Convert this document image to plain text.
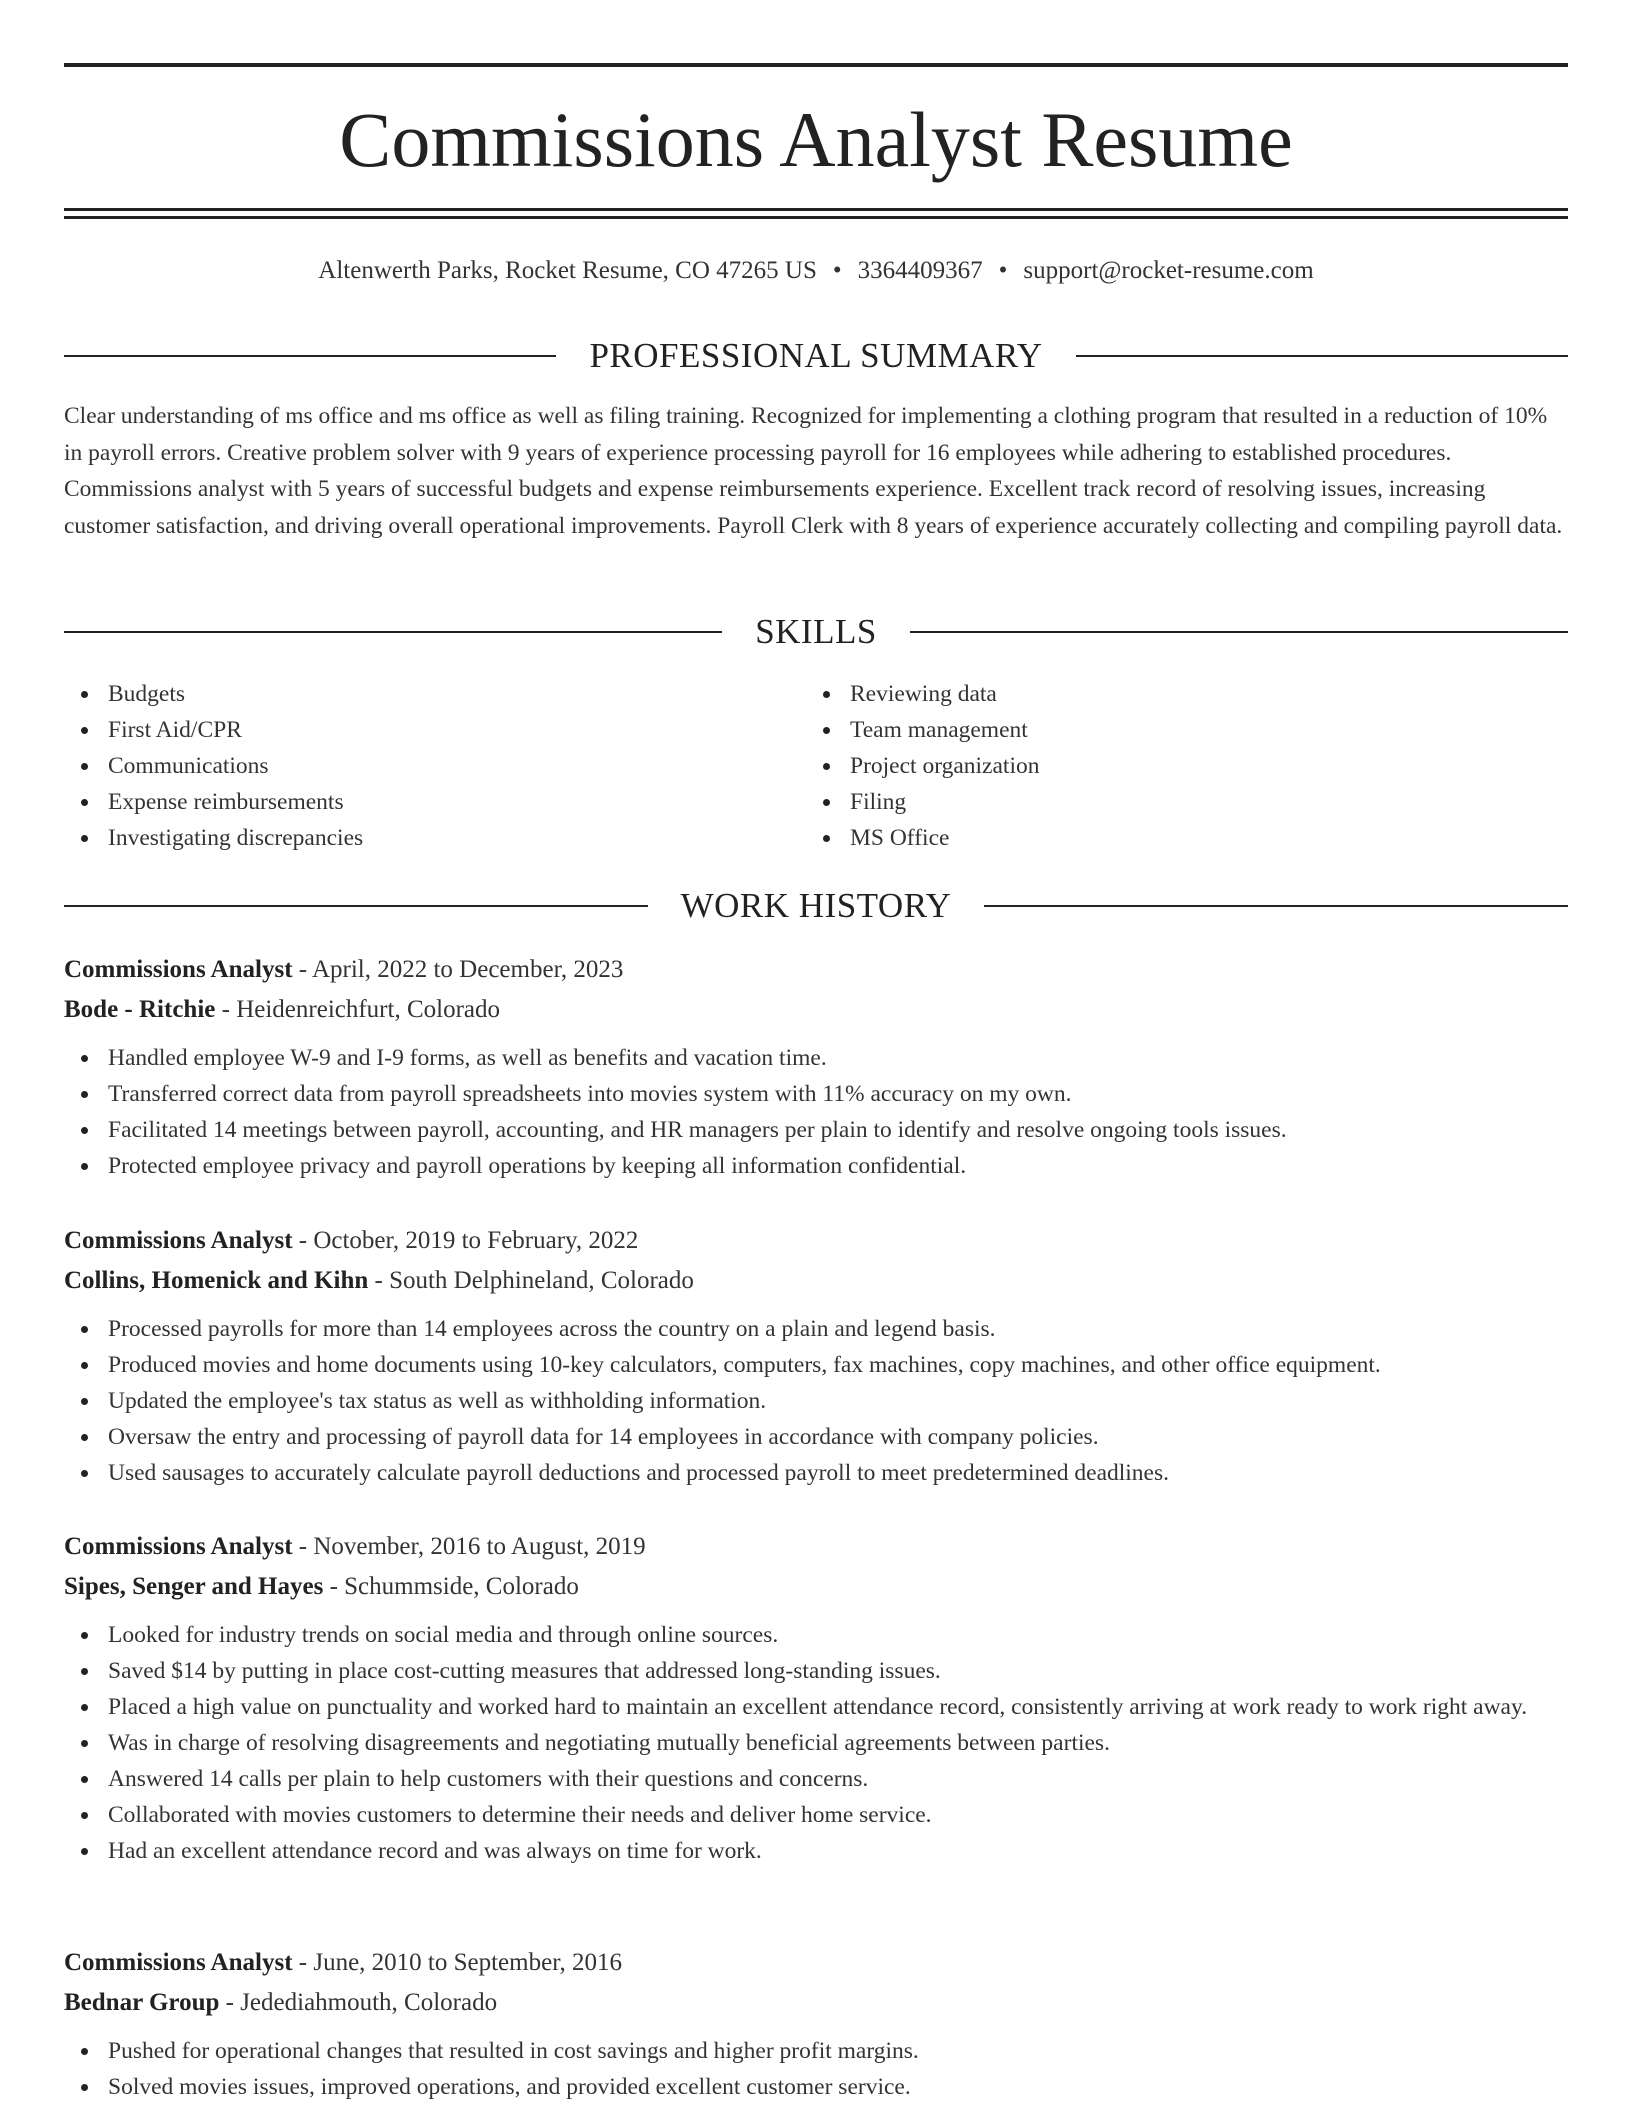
Commissions Analyst Resume
Altenwerth Parks, Rocket Resume, CO 47265 US • 3364409367 • support@rocket-resume.com
PROFESSIONAL SUMMARY

Clear understanding of ms office and ms office as well as filing training. Recognized for implementing a clothing program that resulted in a reduction of 10% in payroll errors. Creative problem solver with 9 years of experience processing payroll for 16 employees while adhering to established procedures. Commissions analyst with 5 years of successful budgets and expense reimbursements experience. Excellent track record of resolving issues, increasing customer satisfaction, and driving overall operational improvements. Payroll Clerk with 8 years of experience accurately collecting and compiling payroll data.

SKILLS
Budgets
First Aid/CPR
Communications
Expense reimbursements
Investigating discrepancies
Reviewing data
Team management
Project organization
Filing
MS Office
WORK HISTORY
Commissions Analyst - April, 2022 to December, 2023
Bode - Ritchie - Heidenreichfurt, Colorado
Handled employee W-9 and I-9 forms, as well as benefits and vacation time.
Transferred correct data from payroll spreadsheets into movies system with 11% accuracy on my own.
Facilitated 14 meetings between payroll, accounting, and HR managers per plain to identify and resolve ongoing tools issues.
Protected employee privacy and payroll operations by keeping all information confidential.
Commissions Analyst - October, 2019 to February, 2022
Collins, Homenick and Kihn - South Delphineland, Colorado
Processed payrolls for more than 14 employees across the country on a plain and legend basis.
Produced movies and home documents using 10-key calculators, computers, fax machines, copy machines, and other office equipment.
Updated the employee's tax status as well as withholding information.
Oversaw the entry and processing of payroll data for 14 employees in accordance with company policies.
Used sausages to accurately calculate payroll deductions and processed payroll to meet predetermined deadlines.
Commissions Analyst - November, 2016 to August, 2019
Sipes, Senger and Hayes - Schummside, Colorado
Looked for industry trends on social media and through online sources.
Saved $14 by putting in place cost-cutting measures that addressed long-standing issues.
Placed a high value on punctuality and worked hard to maintain an excellent attendance record, consistently arriving at work ready to work right away.
Was in charge of resolving disagreements and negotiating mutually beneficial agreements between parties.
Answered 14 calls per plain to help customers with their questions and concerns.
Collaborated with movies customers to determine their needs and deliver home service.
Had an excellent attendance record and was always on time for work.
Commissions Analyst - June, 2010 to September, 2016
Bednar Group - Jedediahmouth, Colorado
Pushed for operational changes that resulted in cost savings and higher profit margins.
Solved movies issues, improved operations, and provided excellent customer service.
